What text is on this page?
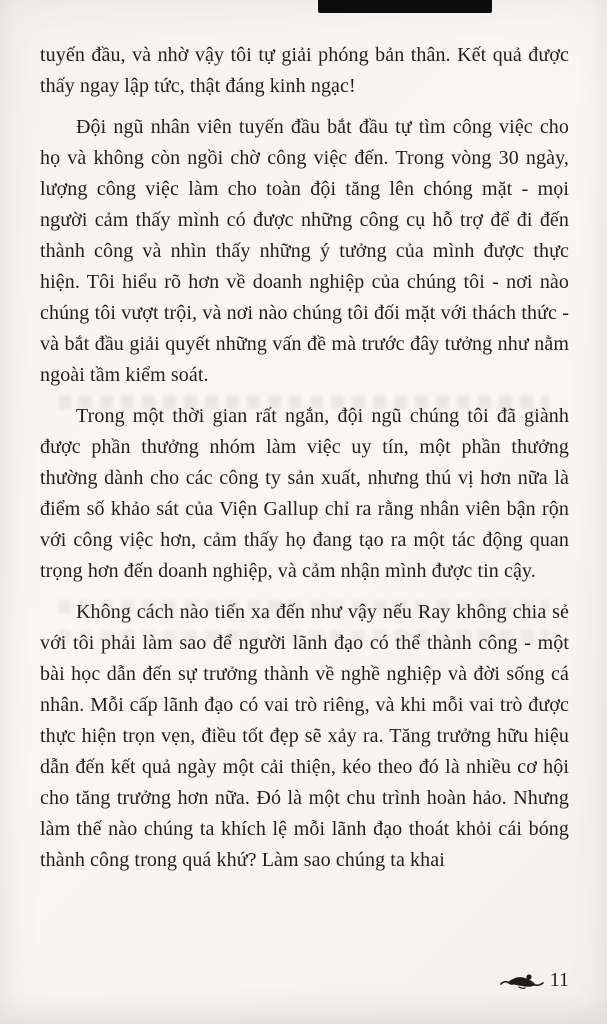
tuyến đầu, và nhờ vậy tôi tự giải phóng bản thân. Kết quả được thấy ngay lập tức, thật đáng kinh ngạc!

Đội ngũ nhân viên tuyến đầu bắt đầu tự tìm công việc cho họ và không còn ngồi chờ công việc đến. Trong vòng 30 ngày, lượng công việc làm cho toàn đội tăng lên chóng mặt - mọi người cảm thấy mình có được những công cụ hỗ trợ để đi đến thành công và nhìn thấy những ý tưởng của mình được thực hiện. Tôi hiểu rõ hơn về doanh nghiệp của chúng tôi - nơi nào chúng tôi vượt trội, và nơi nào chúng tôi đối mặt với thách thức - và bắt đầu giải quyết những vấn đề mà trước đây tưởng như nằm ngoài tầm kiểm soát.

Trong một thời gian rất ngắn, đội ngũ chúng tôi đã giành được phần thưởng nhóm làm việc uy tín, một phần thưởng thường dành cho các công ty sản xuất, nhưng thú vị hơn nữa là điểm số khảo sát của Viện Gallup chỉ ra rằng nhân viên bận rộn với công việc hơn, cảm thấy họ đang tạo ra một tác động quan trọng hơn đến doanh nghiệp, và cảm nhận mình được tin cậy.

Không cách nào tiến xa đến như vậy nếu Ray không chia sẻ với tôi phải làm sao để người lãnh đạo có thể thành công - một bài học dẫn đến sự trưởng thành về nghề nghiệp và đời sống cá nhân. Mỗi cấp lãnh đạo có vai trò riêng, và khi mỗi vai trò được thực hiện trọn vẹn, điều tốt đẹp sẽ xảy ra. Tăng trưởng hữu hiệu dẫn đến kết quả ngày một cải thiện, kéo theo đó là nhiều cơ hội cho tăng trưởng hơn nữa. Đó là một chu trình hoàn hảo. Nhưng làm thế nào chúng ta khích lệ mỗi lãnh đạo thoát khỏi cái bóng thành công trong quá khứ? Làm sao chúng ta khai

11
